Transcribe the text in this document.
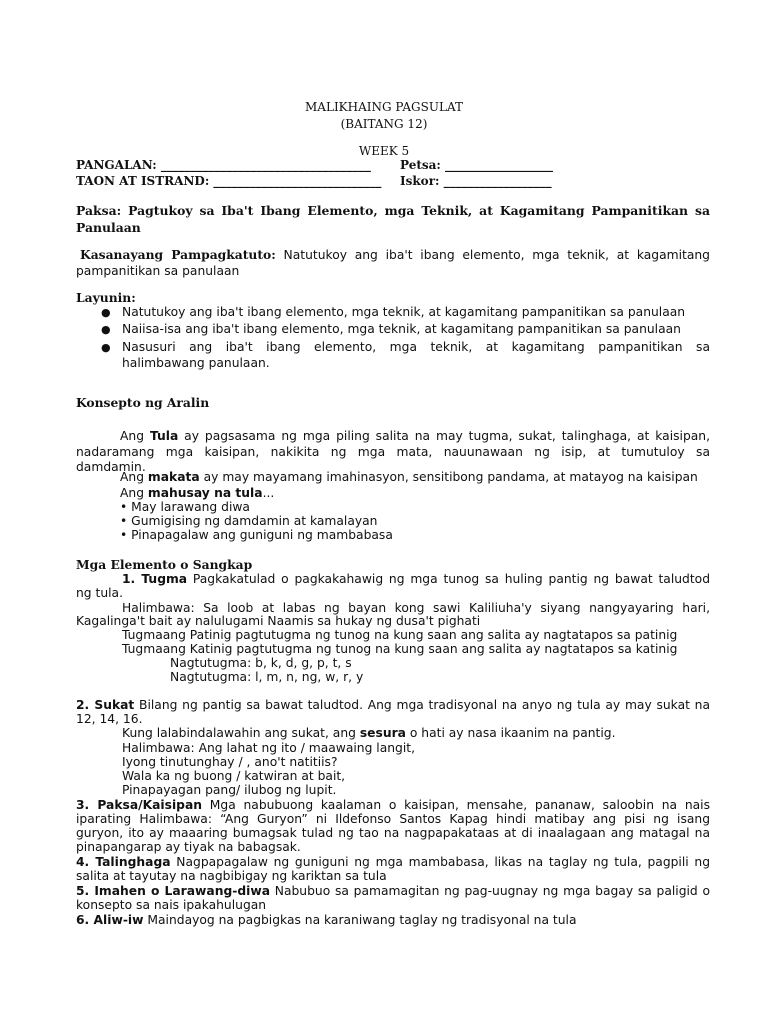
MALIKHAING PAGSULAT
(BAITANG 12)
WEEK 5
PANGALAN: ___________________________________ Petsa: __________________
TAON AT ISTRAND: ____________________________ Iskor: __________________
Paksa: Pagtukoy sa Iba't Ibang Elemento, mga Teknik, at Kagamitang Pampanitikan sa
Panulaan
Kasanayang Pampagkatuto: Natutukoy ang iba't ibang elemento, mga teknik, at kagamitang
pampanitikan sa panulaan
Layunin:
● Natutukoy ang iba't ibang elemento, mga teknik, at kagamitang pampanitikan sa panulaan
● Naiisa-isa ang iba't ibang elemento, mga teknik, at kagamitang pampanitikan sa panulaan
● Nasusuri ang iba't ibang elemento, mga teknik, at kagamitang pampanitikan sa
halimbawang panulaan.
Konsepto ng Aralin
Ang Tula ay pagsasama ng mga piling salita na may tugma, sukat, talinghaga, at kaisipan,
nadaramang mga kaisipan, nakikita ng mga mata, nauunawaan ng isip, at tumutuloy sa
damdamin.
Ang makata ay may mayamang imahinasyon, sensitibong pandama, at matayog na kaisipan
Ang mahusay na tula...
• May larawang diwa
• Gumigising ng damdamin at kamalayan
• Pinapagalaw ang guniguni ng mambabasa
Mga Elemento o Sangkap
1. Tugma Pagkakatulad o pagkakahawig ng mga tunog sa huling pantig ng bawat taludtod
ng tula.
Halimbawa: Sa loob at labas ng bayan kong sawi Kaliliuha'y siyang nangyayaring hari,
Kagalinga't bait ay nalulugami Naamis sa hukay ng dusa't pighati
Tugmaang Patinig pagtutugma ng tunog na kung saan ang salita ay nagtatapos sa patinig
Tugmaang Katinig pagtutugma ng tunog na kung saan ang salita ay nagtatapos sa katinig
Nagtutugma: b, k, d, g, p, t, s
Nagtutugma: l, m, n, ng, w, r, y
2. Sukat Bilang ng pantig sa bawat taludtod. Ang mga tradisyonal na anyo ng tula ay may sukat na
12, 14, 16.
Kung lalabindalawahin ang sukat, ang sesura o hati ay nasa ikaanim na pantig.
Halimbawa: Ang lahat ng ito / maawaing langit,
Iyong tinutunghay / , ano't natitiis?
Wala ka ng buong / katwiran at bait,
Pinapayagan pang/ ilubog ng lupit.
3. Paksa/Kaisipan Mga nabubuong kaalaman o kaisipan, mensahe, pananaw, saloobin na nais
iparating Halimbawa: “Ang Guryon” ni Ildefonso Santos Kapag hindi matibay ang pisi ng isang
guryon, ito ay maaaring bumagsak tulad ng tao na nagpapakataas at di inaalagaan ang matagal na
pinapangarap ay tiyak na babagsak.
4. Talinghaga Nagpapagalaw ng guniguni ng mga mambabasa, likas na taglay ng tula, pagpili ng
salita at tayutay na nagbibigay ng kariktan sa tula
5. Imahen o Larawang-diwa Nabubuo sa pamamagitan ng pag-uugnay ng mga bagay sa paligid o
konsepto sa nais ipakahulugan
6. Aliw-iw Maindayog na pagbigkas na karaniwang taglay ng tradisyonal na tula
